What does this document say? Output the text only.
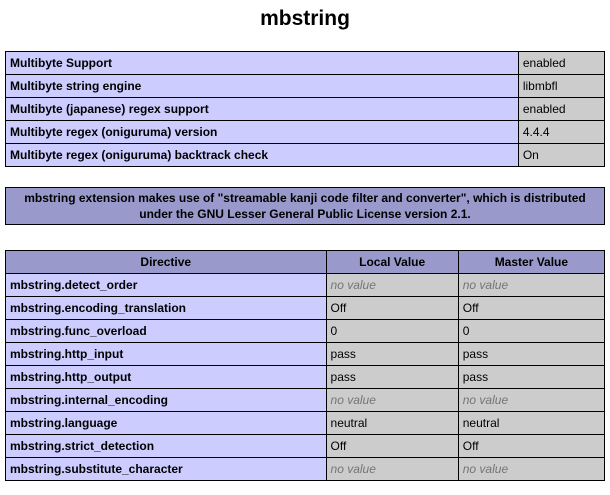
mbstring
Multibyte Support	enabled
Multibyte string engine	libmbfl
Multibyte (japanese) regex support	enabled
Multibyte regex (oniguruma) version	4.4.4
Multibyte regex (oniguruma) backtrack check	On
mbstring extension makes use of "streamable kanji code filter and converter", which is distributed under the GNU Lesser General Public License version 2.1.
Directive	Local Value	Master Value
mbstring.detect_order	no value	no value
mbstring.encoding_translation	Off	Off
mbstring.func_overload	0	0
mbstring.http_input	pass	pass
mbstring.http_output	pass	pass
mbstring.internal_encoding	no value	no value
mbstring.language	neutral	neutral
mbstring.strict_detection	Off	Off
mbstring.substitute_character	no value	no value
